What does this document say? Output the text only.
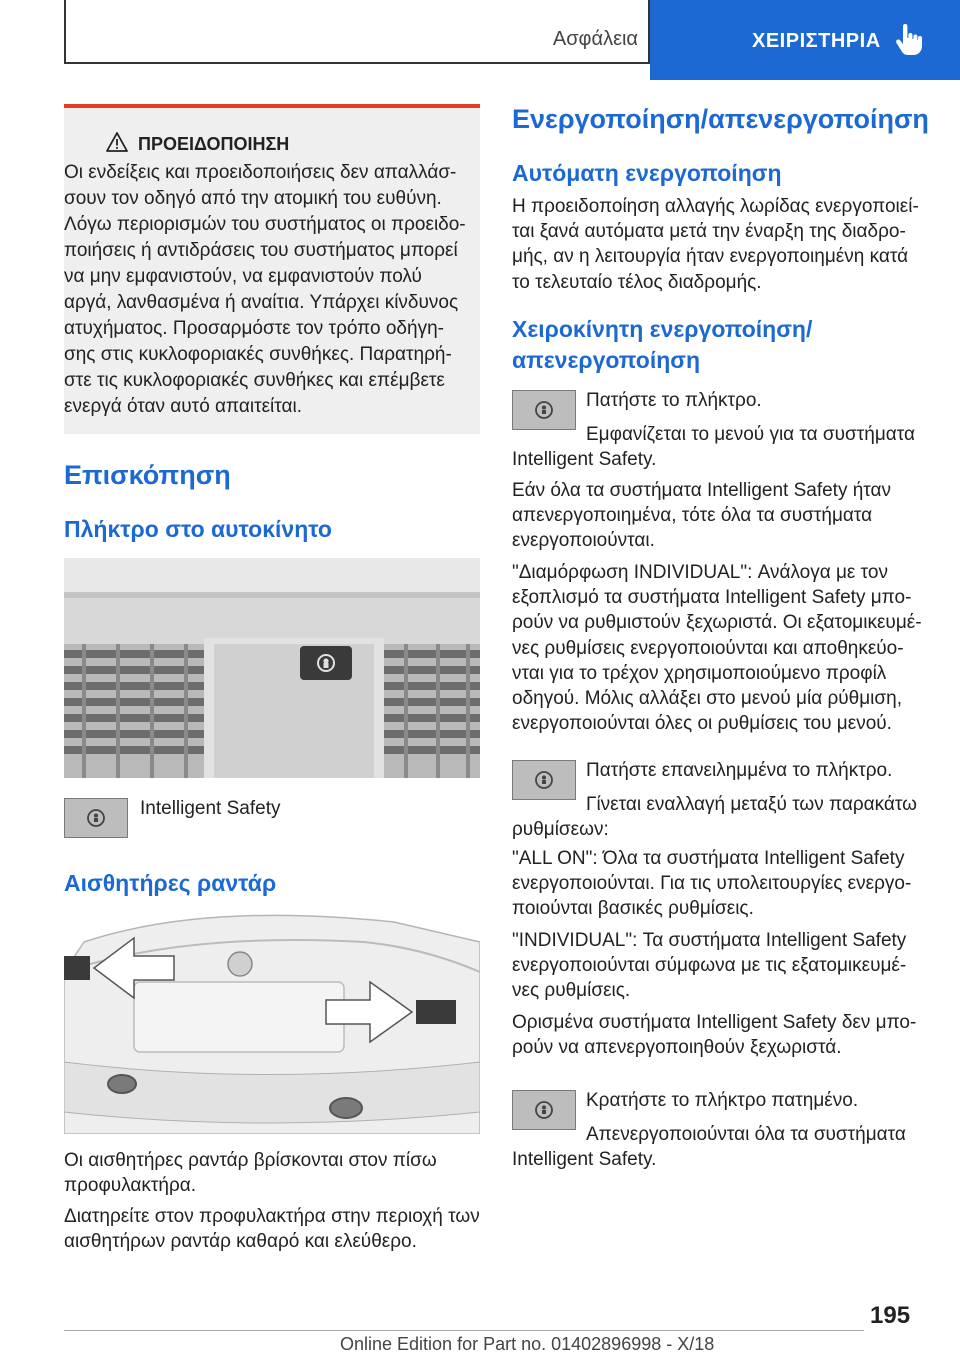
Ασφάλεια	ΧΕΙΡΙΣΤΗΡΙΑ
ΠΡΟΕΙΔΟΠΟΙΗΣΗ
Οι ενδείξεις και προειδοποιήσεις δεν απαλλάσ-
σουν τον οδηγό από την ατομική του ευθύνη.
Λόγω περιορισμών του συστήματος οι προειδο-
ποιήσεις ή αντιδράσεις του συστήματος μπορεί
να μην εμφανιστούν, να εμφανιστούν πολύ
αργά, λανθασμένα ή αναίτια. Υπάρχει κίνδυνος
ατυχήματος. Προσαρμόστε τον τρόπο οδήγη-
σης στις κυκλοφοριακές συνθήκες. Παρατηρή-
στε τις κυκλοφοριακές συνθήκες και επέμβετε
ενεργά όταν αυτό απαιτείται.
Επισκόπηση
Πλήκτρο στο αυτοκίνητο
Intelligent Safety
Αισθητήρες ραντάρ
Οι αισθητήρες ραντάρ βρίσκονται στον πίσω
προφυλακτήρα.
Διατηρείτε στον προφυλακτήρα στην περιοχή των
αισθητήρων ραντάρ καθαρό και ελεύθερο.
Ενεργοποίηση/απενεργοποίηση
Αυτόματη ενεργοποίηση
Η προειδοποίηση αλλαγής λωρίδας ενεργοποιεί-
ται ξανά αυτόματα μετά την έναρξη της διαδρο-
μής, αν η λειτουργία ήταν ενεργοποιημένη κατά
το τελευταίο τέλος διαδρομής.
Χειροκίνητη ενεργοποίηση/
απενεργοποίηση
Πατήστε το πλήκτρο.
Εμφανίζεται το μενού για τα συστήματα
Intelligent Safety.
Εάν όλα τα συστήματα Intelligent Safety ήταν
απενεργοποιημένα, τότε όλα τα συστήματα
ενεργοποιούνται.
"Διαμόρφωση INDIVIDUAL": Ανάλογα με τον
εξοπλισμό τα συστήματα Intelligent Safety μπο-
ρούν να ρυθμιστούν ξεχωριστά. Οι εξατομικευμέ-
νες ρυθμίσεις ενεργοποιούνται και αποθηκεύο-
νται για το τρέχον χρησιμοποιούμενο προφίλ
οδηγού. Μόλις αλλάξει στο μενού μία ρύθμιση,
ενεργοποιούνται όλες οι ρυθμίσεις του μενού.
Πατήστε επανειλημμένα το πλήκτρο.
Γίνεται εναλλαγή μεταξύ των παρακάτω
ρυθμίσεων:
"ALL ON": Όλα τα συστήματα Intelligent Safety
ενεργοποιούνται. Για τις υπολειτουργίες ενεργο-
ποιούνται βασικές ρυθμίσεις.
"INDIVIDUAL": Τα συστήματα Intelligent Safety
ενεργοποιούνται σύμφωνα με τις εξατομικευμέ-
νες ρυθμίσεις.
Ορισμένα συστήματα Intelligent Safety δεν μπο-
ρούν να απενεργοποιηθούν ξεχωριστά.
Κρατήστε το πλήκτρο πατημένο.
Απενεργοποιούνται όλα τα συστήματα
Intelligent Safety.
195
Online Edition for Part no. 01402896998 - X/18
